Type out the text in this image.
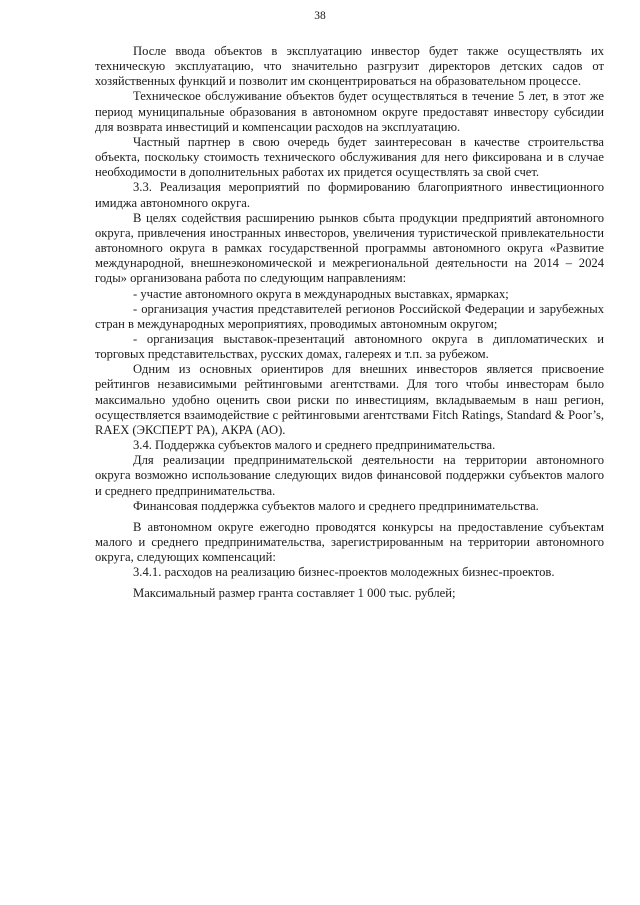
38

После ввода объектов в эксплуатацию инвестор будет также осуществлять их техническую эксплуатацию, что значительно разгрузит директоров детских садов от хозяйственных функций и позволит им сконцентрироваться на образовательном процессе.

Техническое обслуживание объектов будет осуществляться в течение 5 лет, в этот же период муниципальные образования в автономном округе предоставят инвестору субсидии для возврата инвестиций и компенсации расходов на эксплуатацию.

Частный партнер в свою очередь будет заинтересован в качестве строительства объекта, поскольку стоимость технического обслуживания для него фиксирована и в случае необходимости в дополнительных работах их придется осуществлять за свой счет.

3.3. Реализация мероприятий по формированию благоприятного инвестиционного имиджа автономного округа.

В целях содействия расширению рынков сбыта продукции предприятий автономного округа, привлечения иностранных инвесторов, увеличения туристической привлекательности автономного округа в рамках государственной программы автономного округа «Развитие международной, внешнеэкономической и межрегиональной деятельности на 2014 – 2024 годы» организована работа по следующим направлениям:

- участие автономного округа в международных выставках, ярмарках;

- организация участия представителей регионов Российской Федерации и зарубежных стран в международных мероприятиях, проводимых автономным округом;

- организация выставок-презентаций автономного округа в дипломатических и торговых представительствах, русских домах, галереях и т.п. за рубежом.

Одним из основных ориентиров для внешних инвесторов является присвоение рейтингов независимыми рейтинговыми агентствами. Для того чтобы инвесторам было максимально удобно оценить свои риски по инвестициям, вкладываемым в наш регион, осуществляется взаимодействие с рейтинговыми агентствами Fitch Ratings, Standard & Poor’s, RAEX (ЭКСПЕРТ РА), АКРА (АО).

3.4. Поддержка субъектов малого и среднего предпринимательства.

Для реализации предпринимательской деятельности на территории автономного округа возможно использование следующих видов финансовой поддержки субъектов малого и среднего предпринимательства.

Финансовая поддержка субъектов малого и среднего предпринимательства.

В автономном округе ежегодно проводятся конкурсы на предоставление субъектам малого и среднего предпринимательства, зарегистрированным на территории автономного округа, следующих компенсаций:

3.4.1. расходов на реализацию бизнес-проектов молодежных бизнес-проектов.

Максимальный размер гранта составляет 1 000 тыс. рублей;
